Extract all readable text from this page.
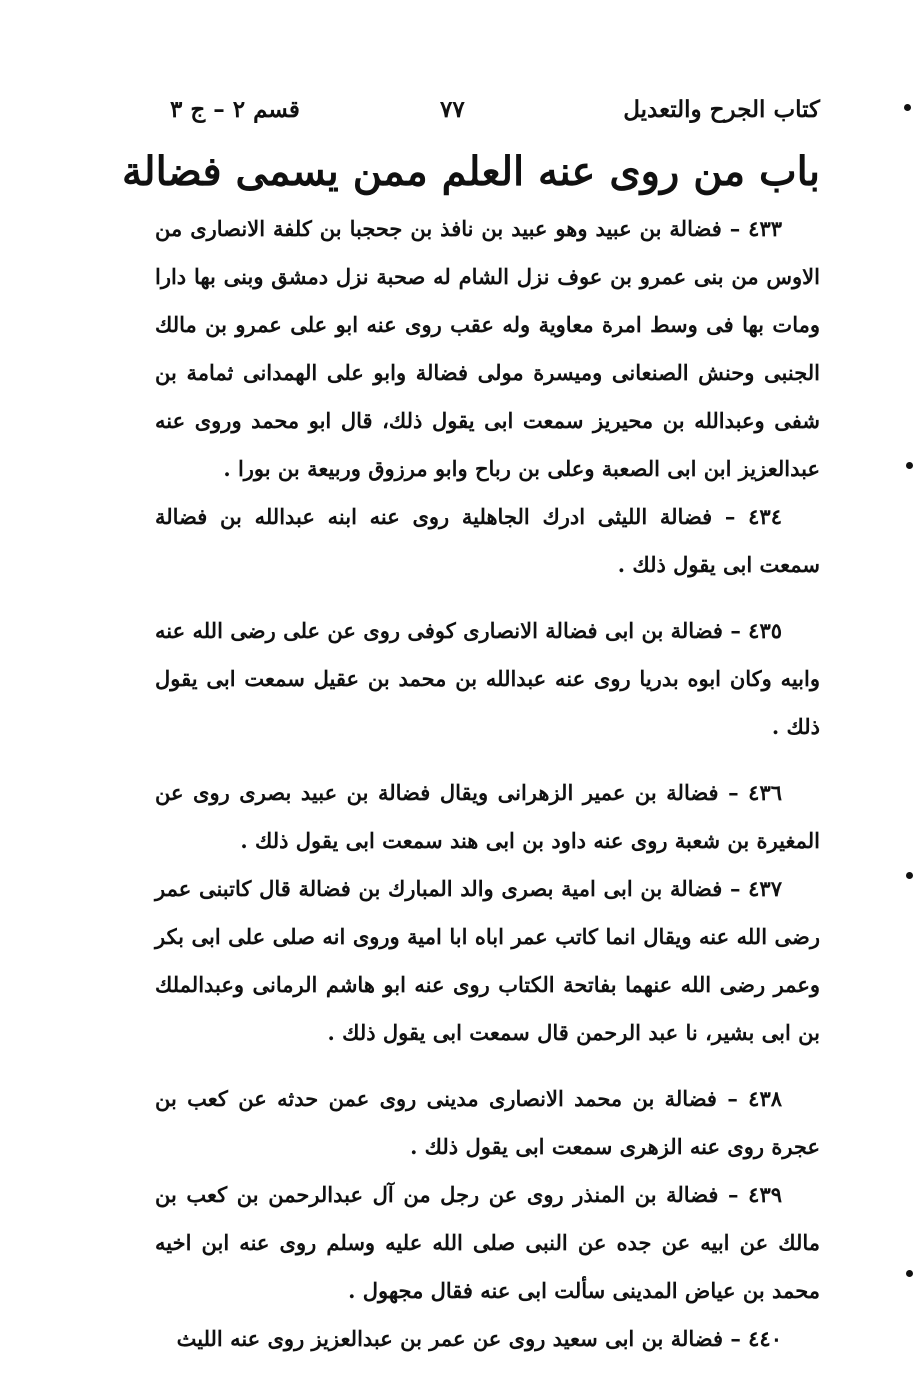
كتاب الجرح والتعديل
٧٧
قسم ٢ – ج ٣
باب من روى عنه العلم ممن يسمى فضالة

٤٣٣ – فضالة بن عبيد وهو عبيد بن نافذ بن جحجبا بن كلفة الانصارى من الاوس من بنى عمرو بن عوف نزل الشام له صحبة نزل دمشق وبنى بها دارا ومات بها فى وسط امرة معاوية وله عقب روى عنه ابو على عمرو بن مالك الجنبى وحنش الصنعانى وميسرة مولى فضالة وابو على الهمدانى ثمامة بن شفى وعبدالله بن محيريز سمعت ابى يقول ذلك، قال ابو محمد وروى عنه عبدالعزيز ابن ابى الصعبة وعلى بن رباح وابو مرزوق وربيعة بن بورا .

٤٣٤ – فضالة الليثى ادرك الجاهلية روى عنه ابنه عبدالله بن فضالة سمعت ابى يقول ذلك .

٤٣٥ – فضالة بن ابى فضالة الانصارى كوفى روى عن على رضى الله عنه وابيه وكان ابوه بدريا روى عنه عبدالله بن محمد بن عقيل سمعت ابى يقول ذلك .

٤٣٦ – فضالة بن عمير الزهرانى ويقال فضالة بن عبيد بصرى روى عن المغيرة بن شعبة روى عنه داود بن ابى هند سمعت ابى يقول ذلك .

٤٣٧ – فضالة بن ابى امية بصرى والد المبارك بن فضالة قال كاتبنى عمر رضى الله عنه ويقال انما كاتب عمر اباه ابا امية وروى انه صلى على ابى بكر وعمر رضى الله عنهما بفاتحة الكتاب روى عنه ابو هاشم الرمانى وعبدالملك بن ابى بشير، نا عبد الرحمن قال سمعت ابى يقول ذلك .

٤٣٨ – فضالة بن محمد الانصارى مدينى روى عمن حدثه عن كعب بن عجرة روى عنه الزهرى سمعت ابى يقول ذلك .

٤٣٩ – فضالة بن المنذر روى عن رجل من آل عبدالرحمن بن كعب بن مالك عن ابيه عن جده عن النبى صلى الله عليه وسلم روى عنه ابن اخيه محمد بن عياض المدينى سألت ابى عنه فقال مجهول .

٤٤٠ – فضالة بن ابى سعيد روى عن عمر بن عبدالعزيز روى عنه الليث
